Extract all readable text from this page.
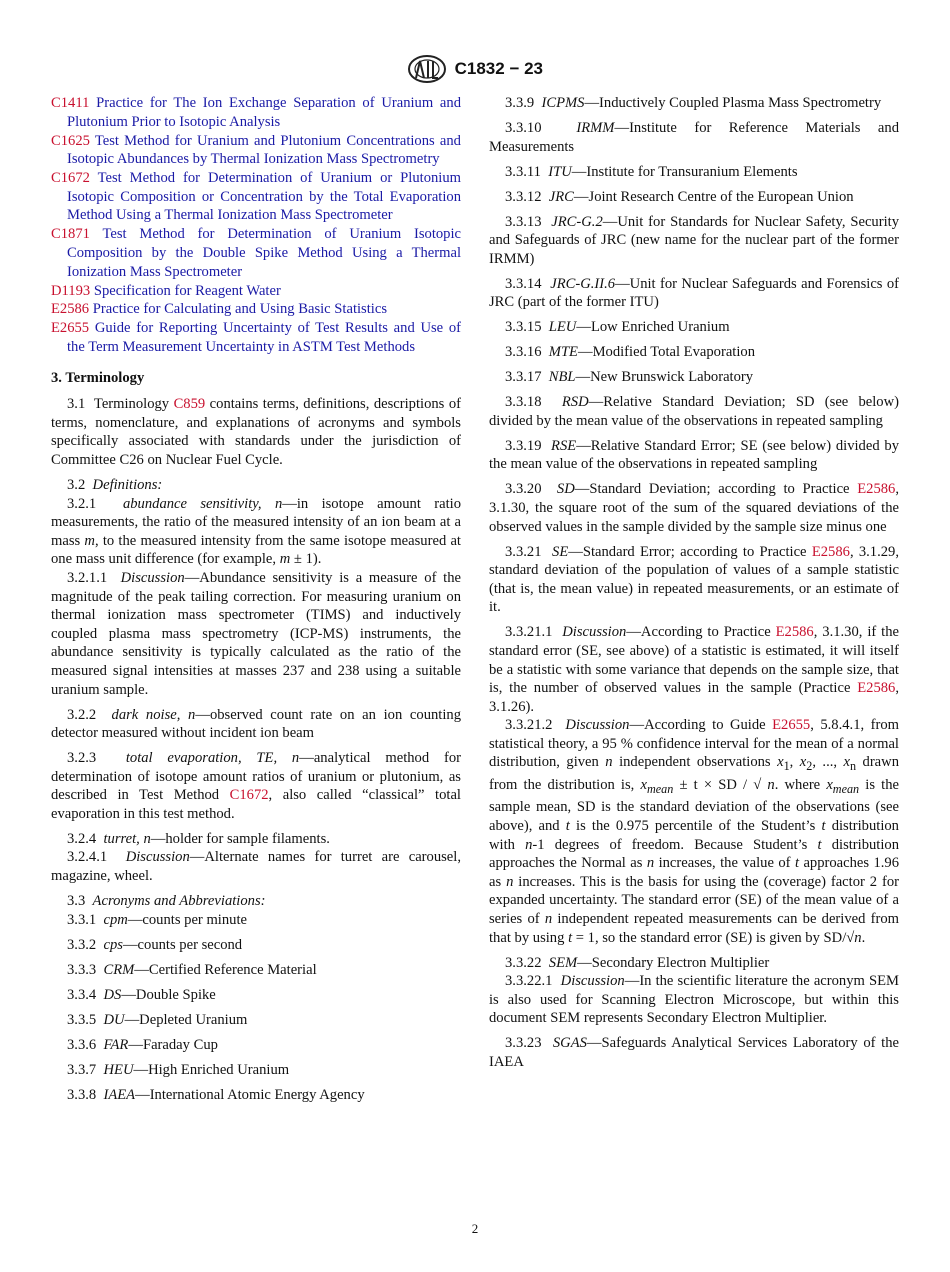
C1832 − 23
C1411 Practice for The Ion Exchange Separation of Uranium and Plutonium Prior to Isotopic Analysis
C1625 Test Method for Uranium and Plutonium Concentrations and Isotopic Abundances by Thermal Ionization Mass Spectrometry
C1672 Test Method for Determination of Uranium or Plutonium Isotopic Composition or Concentration by the Total Evaporation Method Using a Thermal Ionization Mass Spectrometer
C1871 Test Method for Determination of Uranium Isotopic Composition by the Double Spike Method Using a Thermal Ionization Mass Spectrometer
D1193 Specification for Reagent Water
E2586 Practice for Calculating and Using Basic Statistics
E2655 Guide for Reporting Uncertainty of Test Results and Use of the Term Measurement Uncertainty in ASTM Test Methods
3. Terminology

3.1 Terminology C859 contains terms, definitions, descriptions of terms, nomenclature, and explanations of acronyms and symbols specifically associated with standards under the jurisdiction of Committee C26 on Nuclear Fuel Cycle.

3.2 Definitions:

3.2.1 abundance sensitivity, n—in isotope amount ratio measurements, the ratio of the measured intensity of an ion beam at a mass m, to the measured intensity from the same isotope measured at one mass unit difference (for example, m ± 1).

3.2.1.1 Discussion—Abundance sensitivity is a measure of the magnitude of the peak tailing correction. For measuring uranium on thermal ionization mass spectrometer (TIMS) and inductively coupled plasma mass spectrometry (ICP-MS) instruments, the abundance sensitivity is typically calculated as the ratio of the measured signal intensities at masses 237 and 238 using a suitable uranium sample.

3.2.2 dark noise, n—observed count rate on an ion counting detector measured without incident ion beam

3.2.3 total evaporation, TE, n—analytical method for determination of isotope amount ratios of uranium or plutonium, as described in Test Method C1672, also called “classical” total evaporation in this test method.

3.2.4 turret, n—holder for sample filaments.

3.2.4.1 Discussion—Alternate names for turret are carousel, magazine, wheel.

3.3 Acronyms and Abbreviations:

3.3.1 cpm—counts per minute

3.3.2 cps—counts per second

3.3.3 CRM—Certified Reference Material

3.3.4 DS—Double Spike

3.3.5 DU—Depleted Uranium

3.3.6 FAR—Faraday Cup

3.3.7 HEU—High Enriched Uranium

3.3.8 IAEA—International Atomic Energy Agency

3.3.9 ICPMS—Inductively Coupled Plasma Mass Spectrometry

3.3.10 IRMM—Institute for Reference Materials and Measurements

3.3.11 ITU—Institute for Transuranium Elements

3.3.12 JRC—Joint Research Centre of the European Union

3.3.13 JRC-G.2—Unit for Standards for Nuclear Safety, Security and Safeguards of JRC (new name for the nuclear part of the former IRMM)

3.3.14 JRC-G.II.6—Unit for Nuclear Safeguards and Forensics of JRC (part of the former ITU)

3.3.15 LEU—Low Enriched Uranium

3.3.16 MTE—Modified Total Evaporation

3.3.17 NBL—New Brunswick Laboratory

3.3.18 RSD—Relative Standard Deviation; SD (see below) divided by the mean value of the observations in repeated sampling

3.3.19 RSE—Relative Standard Error; SE (see below) divided by the mean value of the observations in repeated sampling

3.3.20 SD—Standard Deviation; according to Practice E2586, 3.1.30, the square root of the sum of the squared deviations of the observed values in the sample divided by the sample size minus one

3.3.21 SE—Standard Error; according to Practice E2586, 3.1.29, standard deviation of the population of values of a sample statistic (that is, the mean value) in repeated measurements, or an estimate of it.

3.3.21.1 Discussion—According to Practice E2586, 3.1.30, if the standard error (SE, see above) of a statistic is estimated, it will itself be a statistic with some variance that depends on the sample size, that is, the number of observed values in the sample (Practice E2586, 3.1.26).

3.3.21.2 Discussion—According to Guide E2655, 5.8.4.1, from statistical theory, a 95 % confidence interval for the mean of a normal distribution, given n independent observations $x_1$, $x_2$, ..., $x_n$ drawn from the distribution is, $x_{mean} \pm t$ × SD / √ n. where $x_{mean}$ is the sample mean, SD is the standard deviation of the observations (see above), and t is the 0.975 percentile of the Student’s t distribution with n-1 degrees of freedom. Because Student’s t distribution approaches the Normal as n increases, the value of t approaches 1.96 as n increases. This is the basis for using the (coverage) factor 2 for expanded uncertainty. The standard error (SE) of the mean value of a series of n independent repeated measurements can be derived from that by using t = 1, so the standard error (SE) is given by SD/√n.

3.3.22 SEM—Secondary Electron Multiplier

3.3.22.1 Discussion—In the scientific literature the acronym SEM is also used for Scanning Electron Microscope, but within this document SEM represents Secondary Electron Multiplier.

3.3.23 SGAS—Safeguards Analytical Services Laboratory of the IAEA

2
